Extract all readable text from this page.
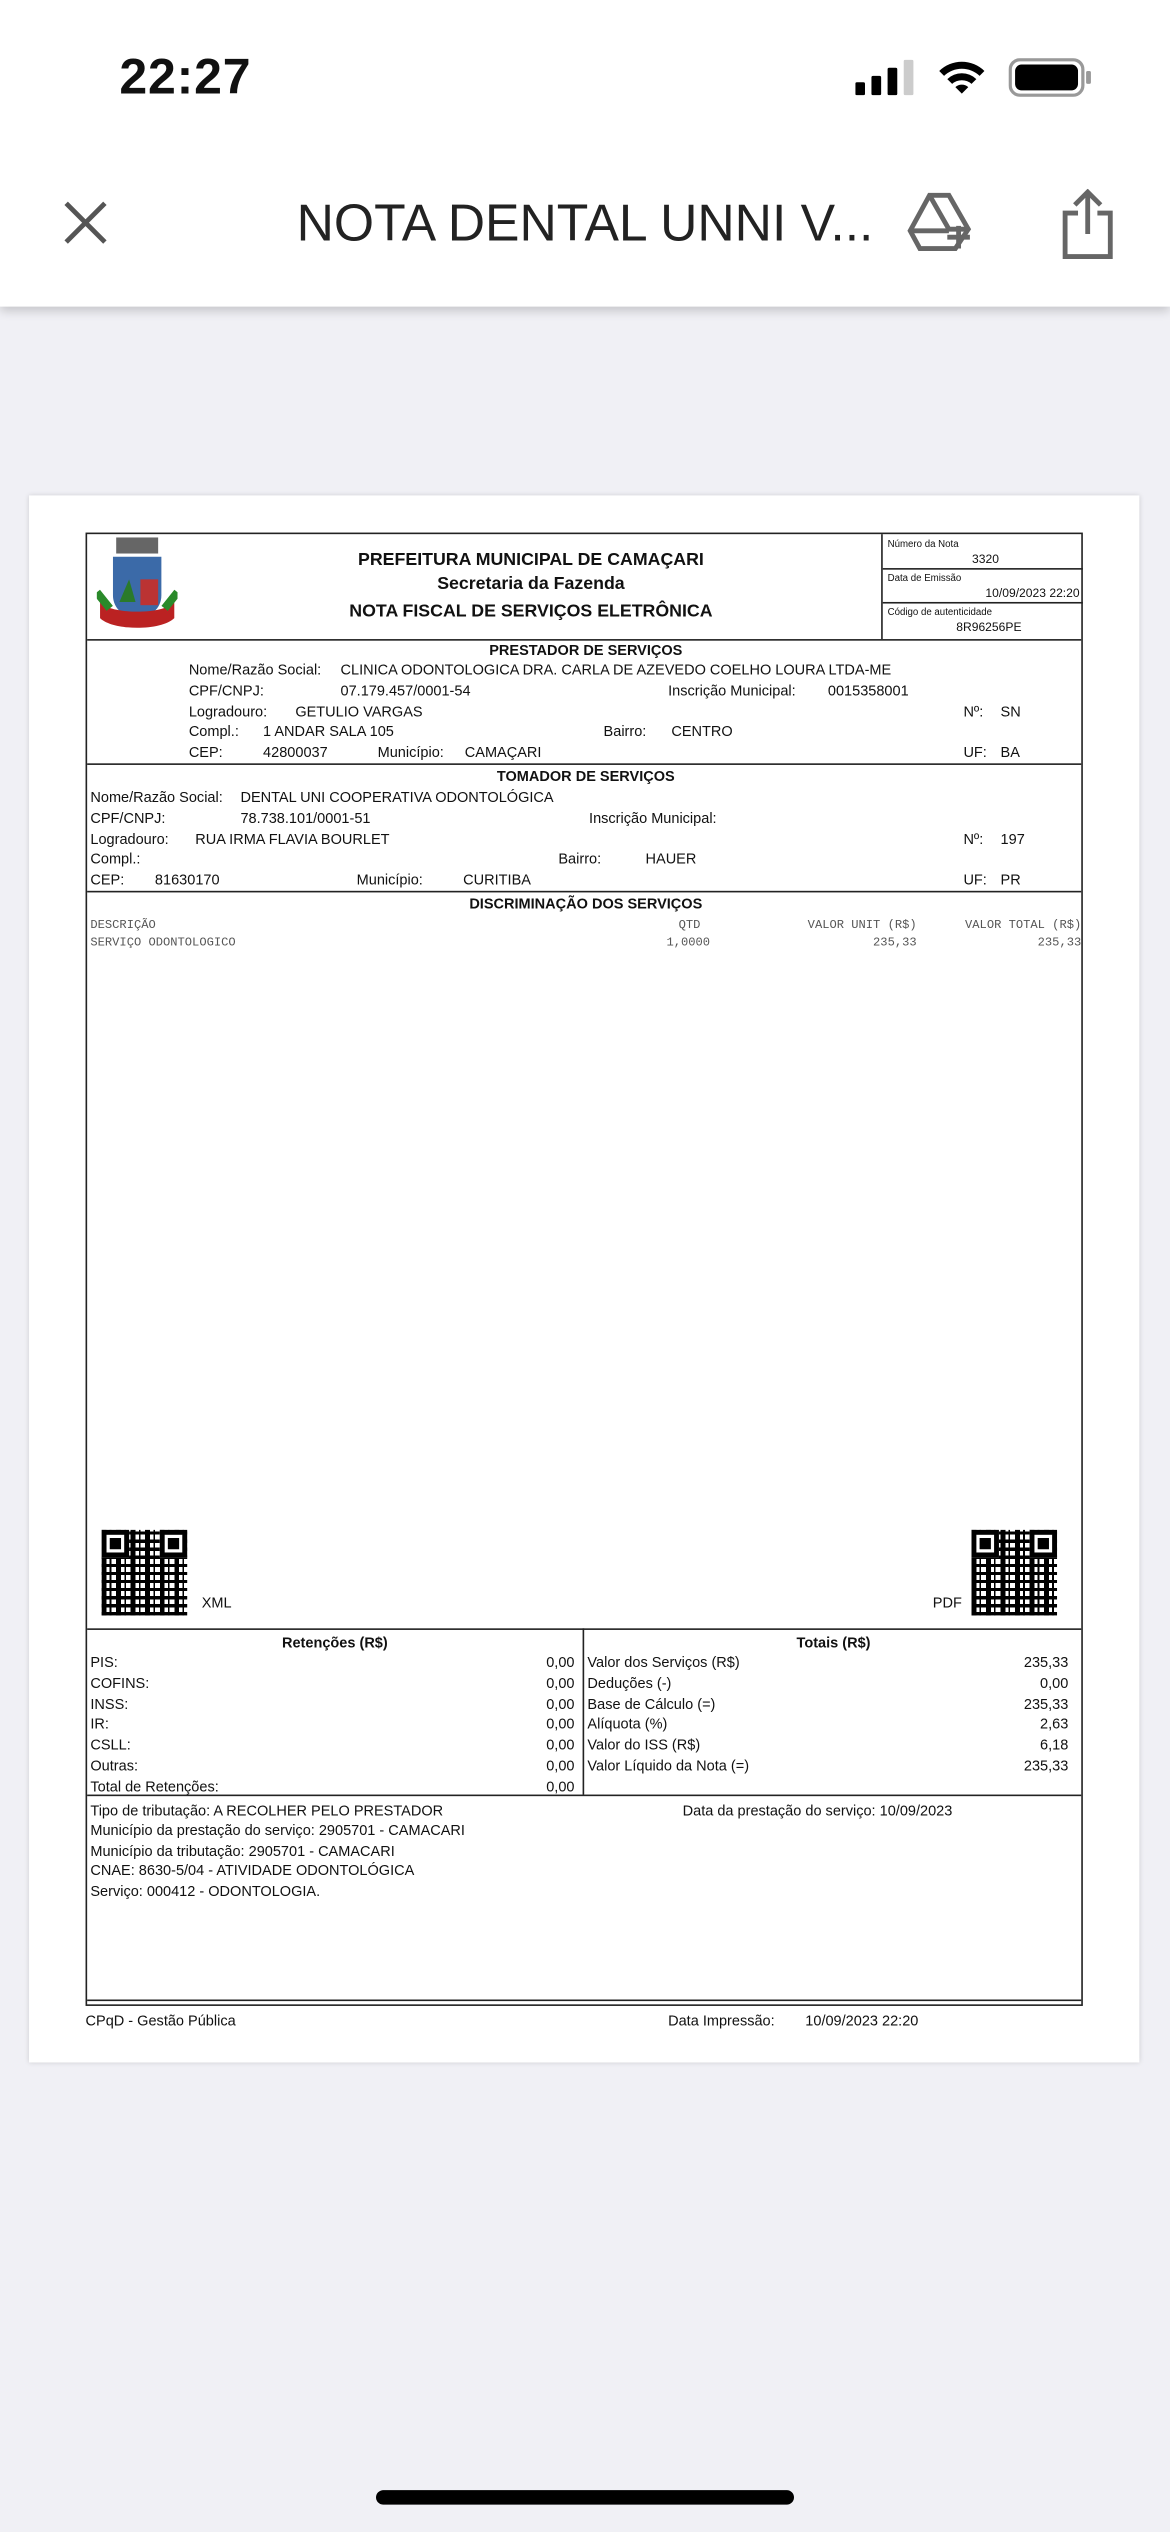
22:27
NOTA DENTAL UNNI V...
PREFEITURA MUNICIPAL DE CAMAÇARI
Secretaria da Fazenda
NOTA FISCAL DE SERVIÇOS ELETRÔNICA
Número da Nota
3320
Data de Emissão
10/09/2023 22:20
Código de autenticidade
8R96256PE
PRESTADOR DE SERVIÇOS
Nome/Razão Social: CLINICA ODONTOLOGICA DRA. CARLA DE AZEVEDO COELHO LOURA LTDA-ME
CPF/CNPJ:	07.179.457/0001-54	Inscrição Municipal:	0015358001
Logradouro:	GETULIO VARGAS	Nº: SN
Compl.:	1 ANDAR SALA 105	Bairro:	CENTRO
CEP:	42800037	Município: CAMAÇARI	UF: BA
TOMADOR DE SERVIÇOS
Nome/Razão Social: DENTAL UNI COOPERATIVA ODONTOLÓGICA
CPF/CNPJ:	78.738.101/0001-51	Inscrição Municipal:
Logradouro:	RUA IRMA FLAVIA BOURLET	Nº: 197
Compl.:	Bairro:	HAUER
CEP:	81630170	Município:	CURITIBA	UF: PR
DISCRIMINAÇÃO DOS SERVIÇOS
DESCRIÇÃO	QTD	VALOR UNIT (R$)	VALOR TOTAL (R$)
SERVIÇO ODONTOLOGICO	1,0000	235,33	235,33
XML	PDF
Retenções (R$)	Totais (R$)
PIS:	0,00
COFINS:	0,00
INSS:	0,00
IR:	0,00
CSLL:	0,00
Outras:	0,00
Total de Retenções:	0,00
Valor dos Serviços (R$)	235,33
Deduções (-)	0,00
Base de Cálculo (=)	235,33
Alíquota (%)	2,63
Valor do ISS (R$)	6,18
Valor Líquido da Nota (=)	235,33
Tipo de tributação: A RECOLHER PELO PRESTADOR
Município da prestação do serviço: 2905701 - CAMACARI
Município da tributação: 2905701 - CAMACARI
CNAE: 8630-5/04 - ATIVIDADE ODONTOLÓGICA
Serviço: 000412 - ODONTOLOGIA.
Data da prestação do serviço: 10/09/2023
CPqD - Gestão Pública	Data Impressão:	10/09/2023 22:20
